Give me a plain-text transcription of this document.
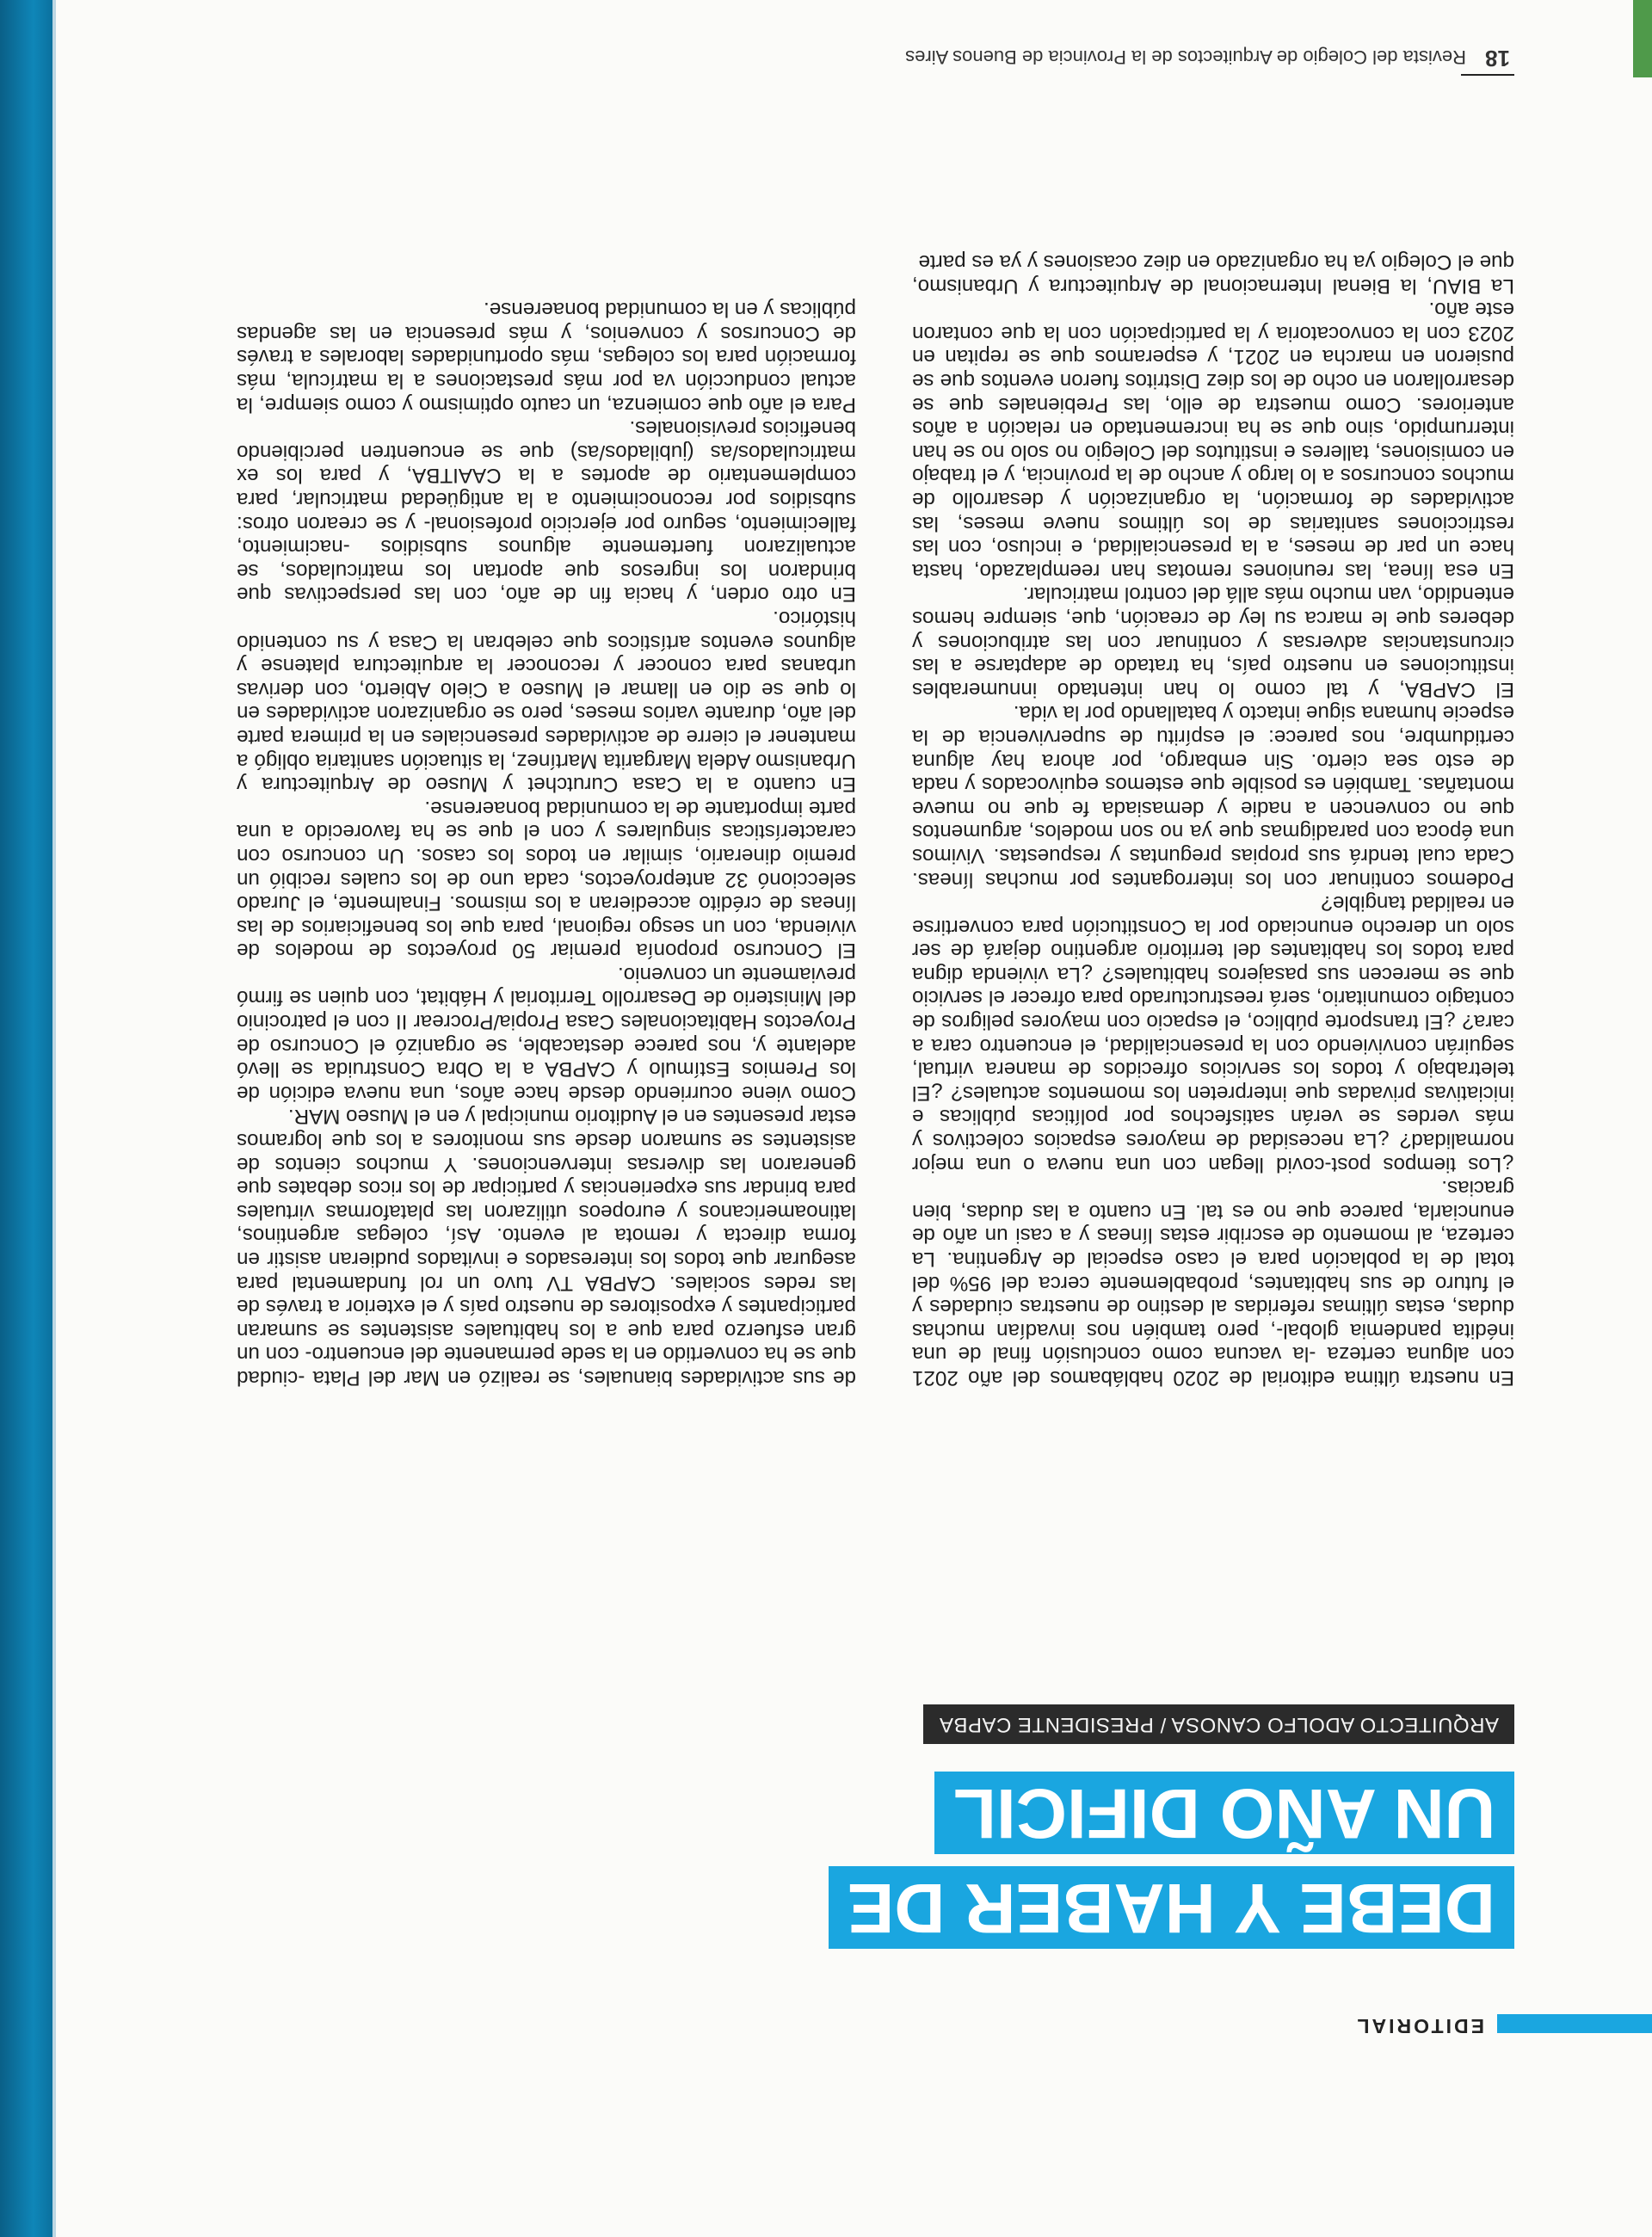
EDITORIAL
DEBE Y HABER DE
UN AÑO DIFICIL
ARQUITECTO ADOLFO CANOSA / PRESIDENTE CAPBA

En nuestra última editorial de 2020 hablábamos del año 2021 con alguna certeza -la vacuna como conclusión final de una inédita pandemia global-, pero también nos invadían muchas dudas, estas últimas referidas al destino de nuestras ciudades y el futuro de sus habitantes, probablemente cerca del 95% del total de la población para el caso especial de Argentina. La certeza, al momento de escribir estas líneas y a casi un año de enunciarla, parece que no es tal. En cuanto a las dudas, bien gracias.

¿Los tiempos post-covid llegan con una nueva o una mejor normalidad? ¿La necesidad de mayores espacios colectivos y más verdes se verán satisfechos por políticas públicas e iniciativas privadas que interpreten los momentos actuales? ¿El teletrabajo y todos los servicios ofrecidos de manera virtual, seguirán conviviendo con la presencialidad, el encuentro cara a cara? ¿El transporte público, el espacio con mayores peligros de contagio comunitario, será reestructurado para ofrecer el servicio que se merecen sus pasajeros habituales? ¿La vivienda digna para todos los habitantes del territorio argentino dejará de ser solo un derecho enunciado por la Constitución para convertirse en realidad tangible?

Podemos continuar con los interrogantes por muchas líneas. Cada cual tendrá sus propias preguntas y respuestas. Vivimos una época con paradigmas que ya no son modelos, argumentos que no convencen a nadie y demasiada fe que no mueve montañas. También es posible que estemos equivocados y nada de esto sea cierto. Sin embargo, por ahora hay alguna certidumbre, nos parece: el espíritu de supervivencia de la especie humana sigue intacto y batallando por la vida.

El CAPBA, y tal como lo han intentado innumerables instituciones en nuestro país, ha tratado de adaptarse a las circunstancias adversas y continuar con las atribuciones y deberes que le marca su ley de creación, que, siempre hemos entendido, van mucho más allá del control matricular.

En esa línea, las reuniones remotas han reemplazado, hasta hace un par de meses, a la presencialidad, e incluso, con las restricciones sanitarias de los últimos nueve meses, las actividades de formación, la organización y desarrollo de muchos concursos a lo largo y ancho de la provincia, y el trabajo en comisiones, talleres e institutos del Colegio no solo no se han interrumpido, sino que se ha incrementado en relación a años anteriores. Como muestra de ello, las Prebienales que se desarrollaron en ocho de los diez Distritos fueron eventos que se pusieron en marcha en 2021, y esperamos que se repitan en 2023 con la convocatoria y la participación con la que contaron este año.

La BIAU, la Bienal Internacional de Arquitectura y Urbanismo, que el Colegio ya ha organizado en diez ocasiones y ya es parte

de sus actividades bianuales, se realizó en Mar del Plata -ciudad que se ha convertido en la sede permanente del encuentro- con un gran esfuerzo para que a los habituales asistentes se sumaran participantes y expositores de nuestro país y el exterior a través de las redes sociales. CAPBA TV tuvo un rol fundamental para asegurar que todos los interesados e invitados pudieran asistir en forma directa y remota al evento. Así, colegas argentinos, latinoamericanos y europeos utilizaron las plataformas virtuales para brindar sus experiencias y participar de los ricos debates que generaron las diversas intervenciones. Y muchos cientos de asistentes se sumaron desde sus monitores a los que logramos estar presentes en el Auditorio municipal y en el Museo MAR.

Como viene ocurriendo desde hace años, una nueva edición de los Premios Estímulo y CAPBA a la Obra Construida se llevó adelante y, nos parece destacable, se organizó el Concurso de Proyectos Habitacionales Casa Propia/Procrear II con el patrocinio del Ministerio de Desarrollo Territorial y Hábitat, con quien se firmó previamente un convenio.

El Concurso proponía premiar 50 proyectos de modelos de vivienda, con un sesgo regional, para que los beneficiarios de las líneas de crédito accedieran a los mismos. Finalmente, el Jurado seleccionó 32 anteproyectos, cada uno de los cuales recibió un premio dinerario, similar en todos los casos. Un concurso con características singulares y con el que se ha favorecido a una parte importante de la comunidad bonaerense.

En cuanto a la Casa Curutchet y Museo de Arquitectura y Urbanismo Adela Margarita Martínez, la situación sanitaria obligó a mantener el cierre de actividades presenciales en la primera parte del año, durante varios meses, pero se organizaron actividades en lo que se dio en llamar el Museo a Cielo Abierto, con derivas urbanas para conocer y reconocer la arquitectura platense y algunos eventos artísticos que celebran la Casa y su contenido histórico.

En otro orden, y hacia fin de año, con las perspectivas que brindaron los ingresos que aportan los matriculados, se actualizaron fuertemente algunos subsidios -nacimiento, fallecimiento, seguro por ejercicio profesional- y se crearon otros: subsidios por reconocimiento a la antigüedad matricular, para complementario de aportes a la CAAITBA, y para los ex matriculados/as (jubilados/as) que se encuentren percibiendo beneficios previsionales.

Para el año que comienza, un cauto optimismo y como siempre, la actual conducción va por más prestaciones a la matrícula, más formación para los colegas, más oportunidades laborales a través de Concursos y convenios, y más presencia en las agendas públicas y en la comunidad bonaerense.

18 Revista del Colegio de Arquitectos de la Provincia de Buenos Aires
